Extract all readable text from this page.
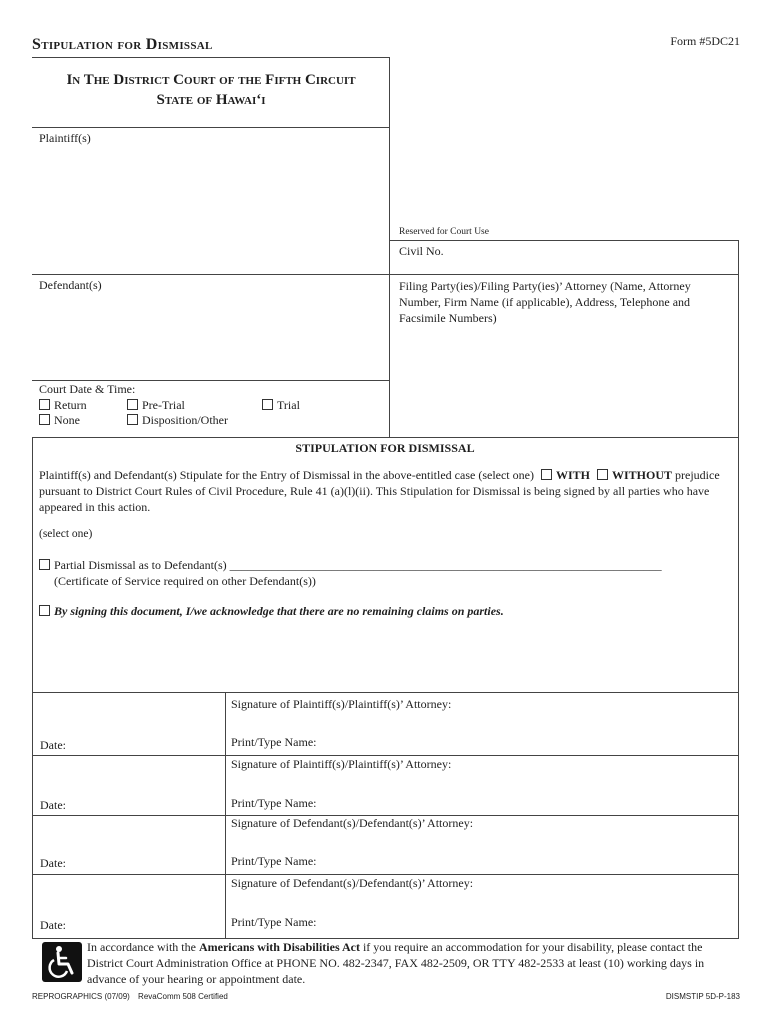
Stipulation for Dismissal	Form #5DC21
In The District Court of the Fifth Circuit
State of Hawai‘i
Plaintiff(s)
Reserved for Court Use
Civil No.
Defendant(s)	Filing Party(ies)/Filing Party(ies)’ Attorney (Name, Attorney Number, Firm Name (if applicable), Address, Telephone and Facsimile Numbers)
Court Date & Time:
Return	Pre-Trial	Trial
None	Disposition/Other
STIPULATION FOR DISMISSAL
Plaintiff(s) and Defendant(s) Stipulate for the Entry of Dismissal in the above-entitled case (select one) WITH WITHOUT prejudice pursuant to District Court Rules of Civil Procedure, Rule 41 (a)(l)(ii). This Stipulation for Dismissal is being signed by all parties who have appeared in this action.
(select one)
Partial Dismissal as to Defendant(s) ________________________________________________________________________
(Certificate of Service required on other Defendant(s))
By signing this document, I/we acknowledge that there are no remaining claims on parties.
Signature of Plaintiff(s)/Plaintiff(s)’ Attorney:
Date:	Print/Type Name:
Signature of Plaintiff(s)/Plaintiff(s)’ Attorney:
Date:	Print/Type Name:
Signature of Defendant(s)/Defendant(s)’ Attorney:
Date:	Print/Type Name:
Signature of Defendant(s)/Defendant(s)’ Attorney:
Date:	Print/Type Name:
In accordance with the Americans with Disabilities Act if you require an accommodation for your disability, please contact the District Court Administration Office at PHONE NO. 482-2347, FAX 482-2509, OR TTY 482-2533 at least (10) working days in advance of your hearing or appointment date.
REPROGRAPHICS (07/09) RevaComm 508 Certified	DISMSTIP 5D-P-183
